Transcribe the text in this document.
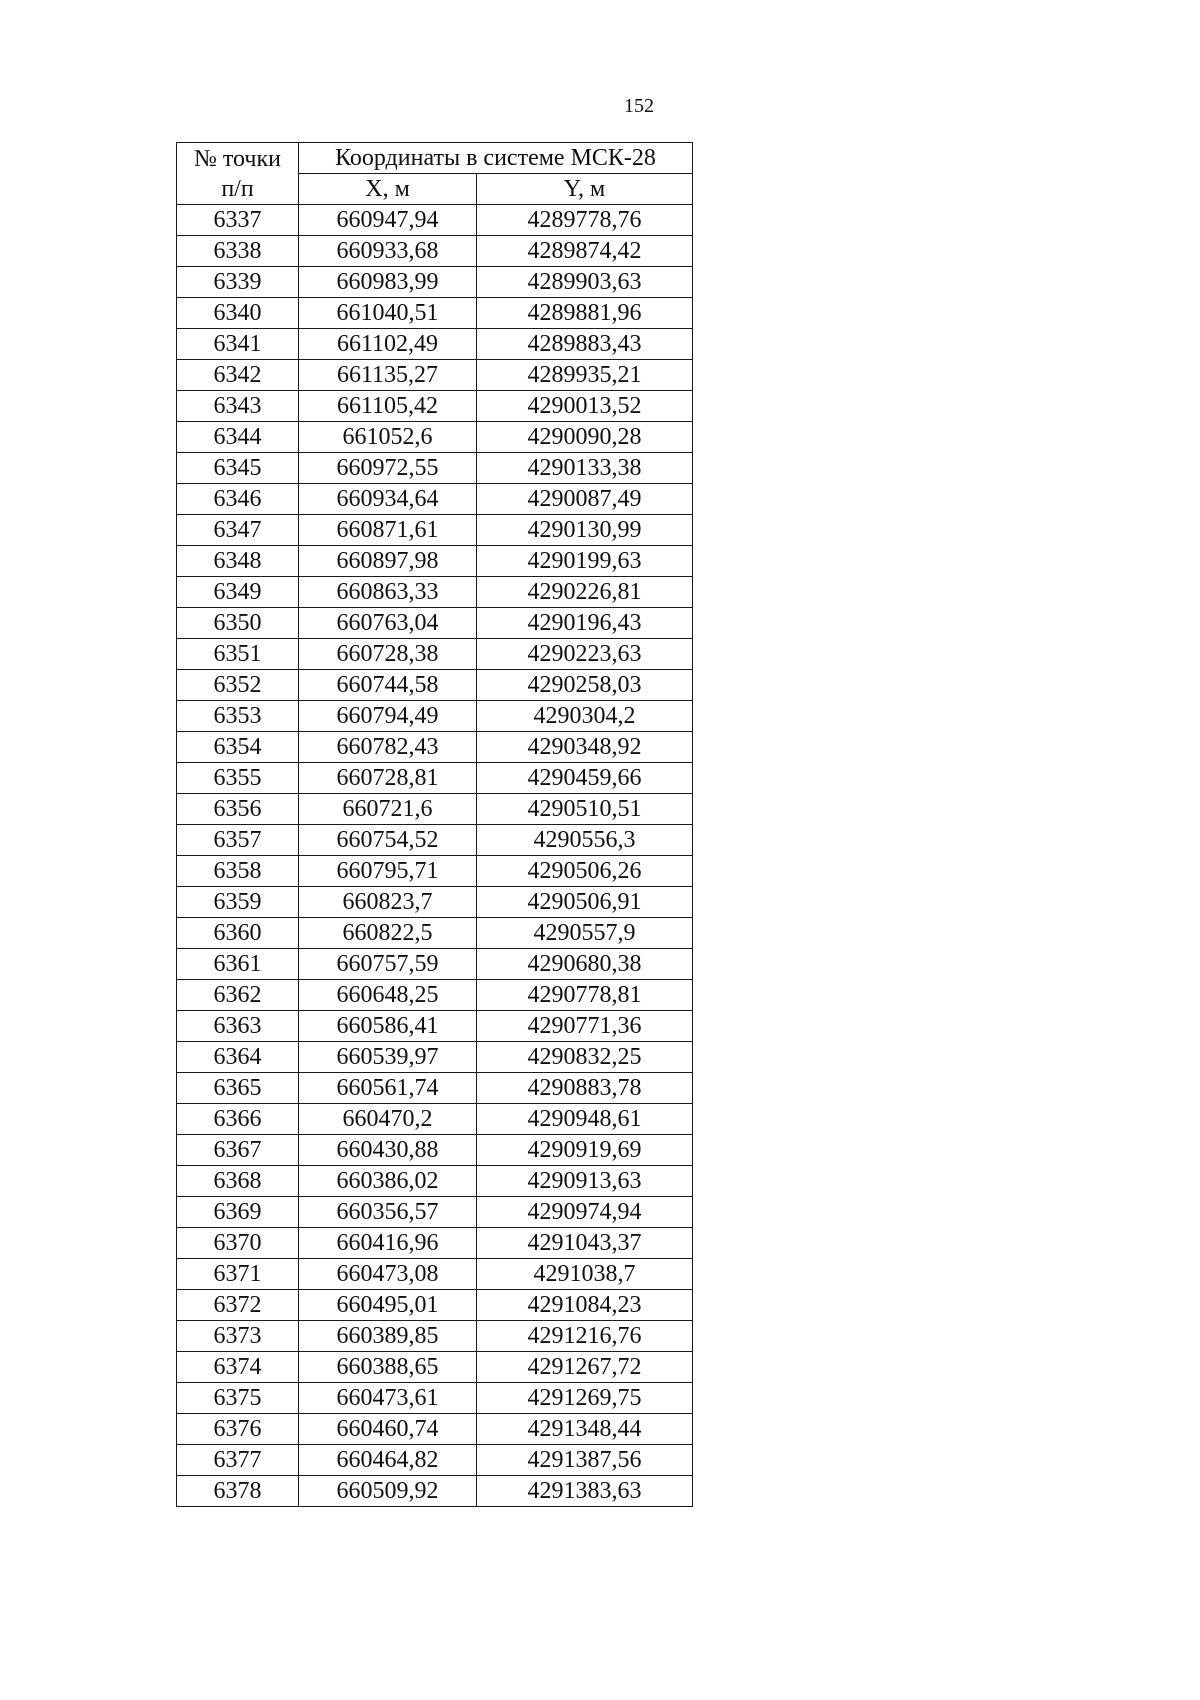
152
№ точки
п/п	Координаты в системе МСК-28	
	X, м	Y, м
6337	660947,94	4289778,76
6338	660933,68	4289874,42
6339	660983,99	4289903,63
6340	661040,51	4289881,96
6341	661102,49	4289883,43
6342	661135,27	4289935,21
6343	661105,42	4290013,52
6344	661052,6	4290090,28
6345	660972,55	4290133,38
6346	660934,64	4290087,49
6347	660871,61	4290130,99
6348	660897,98	4290199,63
6349	660863,33	4290226,81
6350	660763,04	4290196,43
6351	660728,38	4290223,63
6352	660744,58	4290258,03
6353	660794,49	4290304,2
6354	660782,43	4290348,92
6355	660728,81	4290459,66
6356	660721,6	4290510,51
6357	660754,52	4290556,3
6358	660795,71	4290506,26
6359	660823,7	4290506,91
6360	660822,5	4290557,9
6361	660757,59	4290680,38
6362	660648,25	4290778,81
6363	660586,41	4290771,36
6364	660539,97	4290832,25
6365	660561,74	4290883,78
6366	660470,2	4290948,61
6367	660430,88	4290919,69
6368	660386,02	4290913,63
6369	660356,57	4290974,94
6370	660416,96	4291043,37
6371	660473,08	4291038,7
6372	660495,01	4291084,23
6373	660389,85	4291216,76
6374	660388,65	4291267,72
6375	660473,61	4291269,75
6376	660460,74	4291348,44
6377	660464,82	4291387,56
6378	660509,92	4291383,63
